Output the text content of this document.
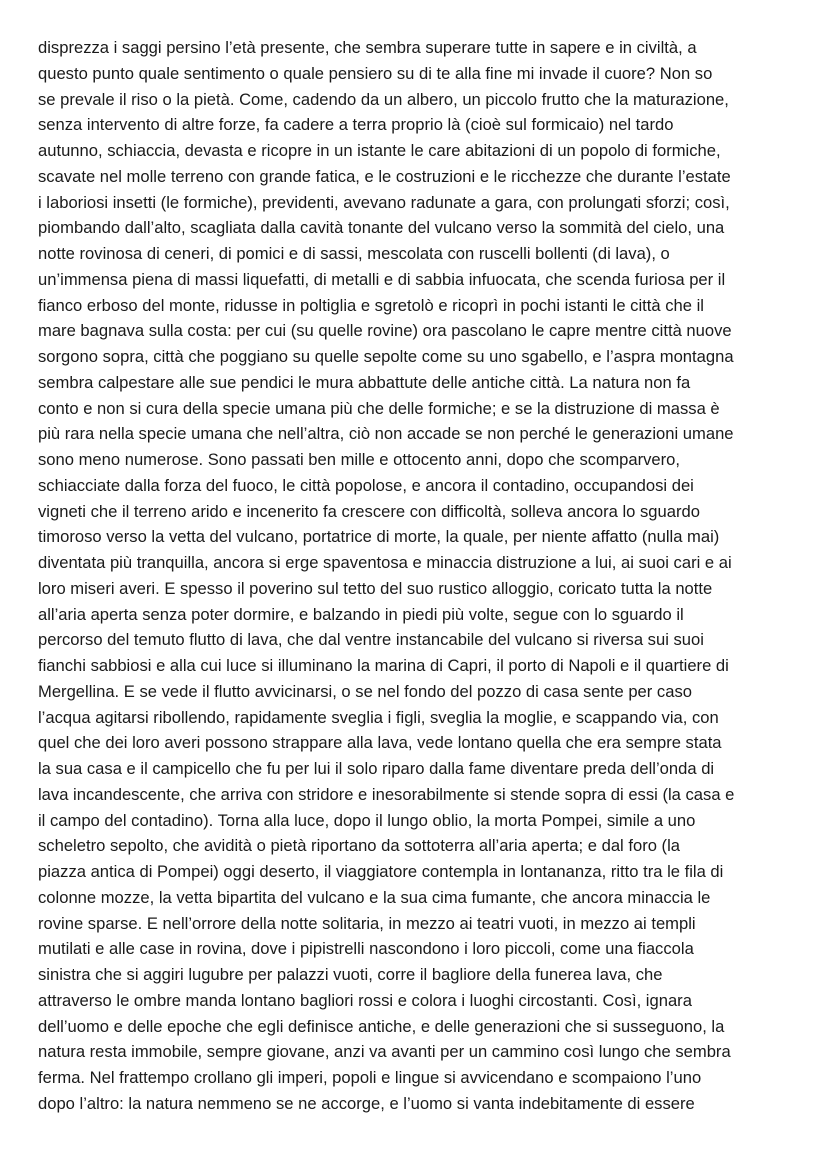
disprezza i saggi persino l’età presente, che sembra superare tutte in sapere e in civiltà, a
questo punto quale sentimento o quale pensiero su di te alla fine mi invade il cuore? Non so
se prevale il riso o la pietà. Come, cadendo da un albero, un piccolo frutto che la maturazione,
senza intervento di altre forze, fa cadere a terra proprio là (cioè sul formicaio) nel tardo
autunno, schiaccia, devasta e ricopre in un istante le care abitazioni di un popolo di formiche,
scavate nel molle terreno con grande fatica, e le costruzioni e le ricchezze che durante l’estate
i laboriosi insetti (le formiche), previdenti, avevano radunate a gara, con prolungati sforzi; così,
piombando dall’alto, scagliata dalla cavità tonante del vulcano verso la sommità del cielo, una
notte rovinosa di ceneri, di pomici e di sassi, mescolata con ruscelli bollenti (di lava), o
un’immensa piena di massi liquefatti, di metalli e di sabbia infuocata, che scenda furiosa per il
fianco erboso del monte, ridusse in poltiglia e sgretolò e ricoprì in pochi istanti le città che il
mare bagnava sulla costa: per cui (su quelle rovine) ora pascolano le capre mentre città nuove
sorgono sopra, città che poggiano su quelle sepolte come su uno sgabello, e l’aspra montagna
sembra calpestare alle sue pendici le mura abbattute delle antiche città. La natura non fa
conto e non si cura della specie umana più che delle formiche; e se la distruzione di massa è
più rara nella specie umana che nell’altra, ciò non accade se non perché le generazioni umane
sono meno numerose. Sono passati ben mille e ottocento anni, dopo che scomparvero,
schiacciate dalla forza del fuoco, le città popolose, e ancora il contadino, occupandosi dei
vigneti che il terreno arido e incenerito fa crescere con difficoltà, solleva ancora lo sguardo
timoroso verso la vetta del vulcano, portatrice di morte, la quale, per niente affatto (nulla mai)
diventata più tranquilla, ancora si erge spaventosa e minaccia distruzione a lui, ai suoi cari e ai
loro miseri averi. E spesso il poverino sul tetto del suo rustico alloggio, coricato tutta la notte
all’aria aperta senza poter dormire, e balzando in piedi più volte, segue con lo sguardo il
percorso del temuto flutto di lava, che dal ventre instancabile del vulcano si riversa sui suoi
fianchi sabbiosi e alla cui luce si illuminano la marina di Capri, il porto di Napoli e il quartiere di
Mergellina. E se vede il flutto avvicinarsi, o se nel fondo del pozzo di casa sente per caso
l’acqua agitarsi ribollendo, rapidamente sveglia i figli, sveglia la moglie, e scappando via, con
quel che dei loro averi possono strappare alla lava, vede lontano quella che era sempre stata
la sua casa e il campicello che fu per lui il solo riparo dalla fame diventare preda dell’onda di
lava incandescente, che arriva con stridore e inesorabilmente si stende sopra di essi (la casa e
il campo del contadino). Torna alla luce, dopo il lungo oblio, la morta Pompei, simile a uno
scheletro sepolto, che avidità o pietà riportano da sottoterra all’aria aperta; e dal foro (la
piazza antica di Pompei) oggi deserto, il viaggiatore contempla in lontananza, ritto tra le fila di
colonne mozze, la vetta bipartita del vulcano e la sua cima fumante, che ancora minaccia le
rovine sparse. E nell’orrore della notte solitaria, in mezzo ai teatri vuoti, in mezzo ai templi
mutilati e alle case in rovina, dove i pipistrelli nascondono i loro piccoli, come una fiaccola
sinistra che si aggiri lugubre per palazzi vuoti, corre il bagliore della funerea lava, che
attraverso le ombre manda lontano bagliori rossi e colora i luoghi circostanti. Così, ignara
dell’uomo e delle epoche che egli definisce antiche, e delle generazioni che si susseguono, la
natura resta immobile, sempre giovane, anzi va avanti per un cammino così lungo che sembra
ferma. Nel frattempo crollano gli imperi, popoli e lingue si avvicendano e scompaiono l’uno
dopo l’altro: la natura nemmeno se ne accorge, e l’uomo si vanta indebitamente di essere
